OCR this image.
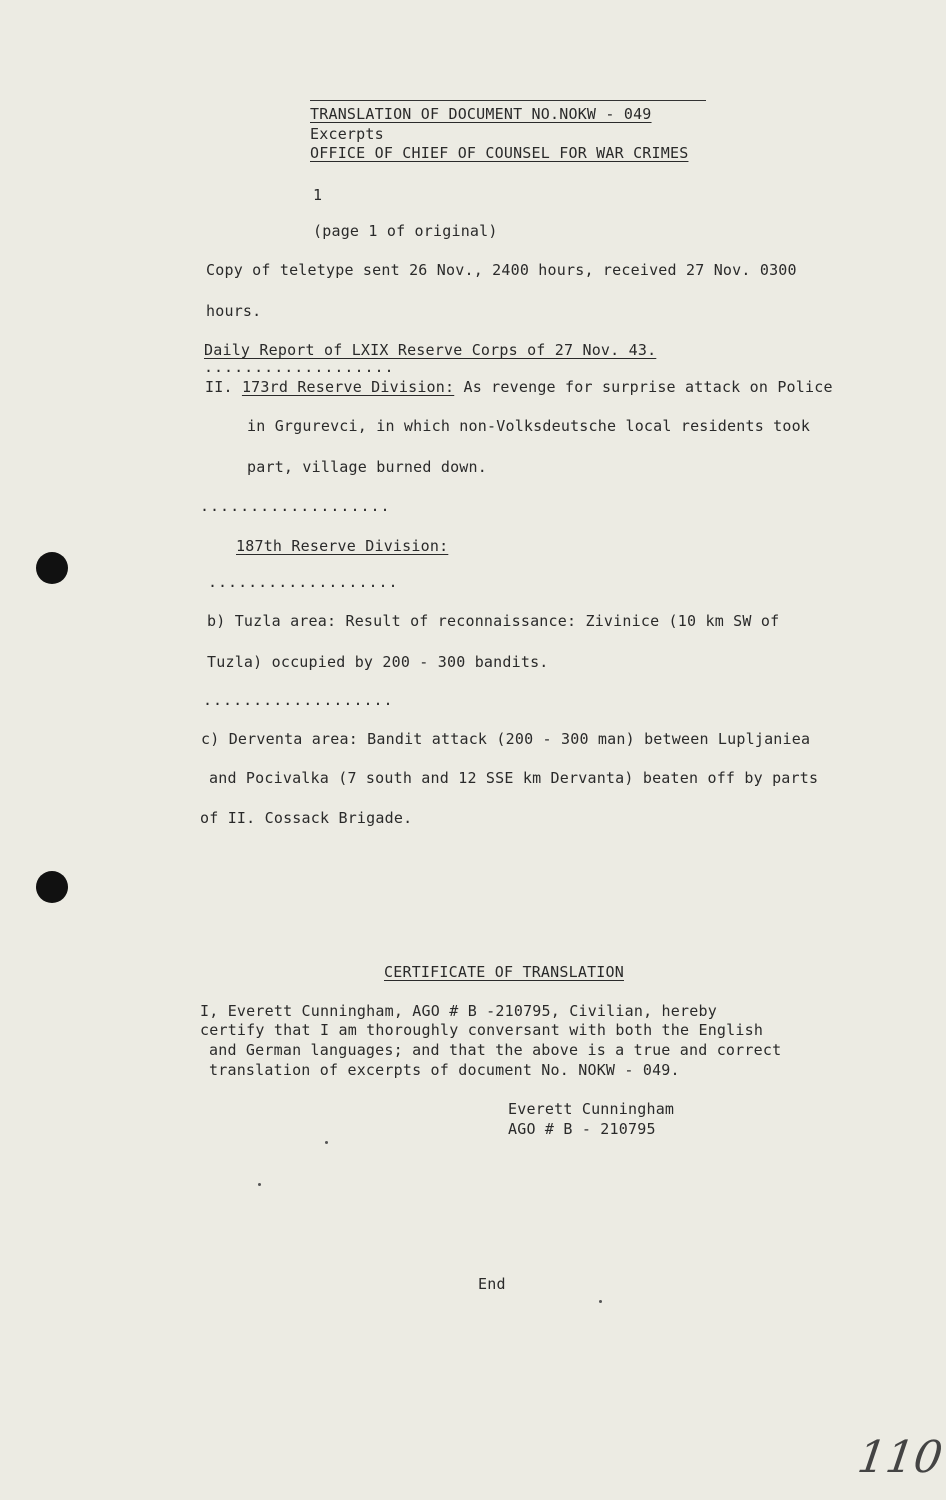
TRANSLATION OF DOCUMENT NO.NOKW - 049
Excerpts
OFFICE OF CHIEF OF COUNSEL FOR WAR CRIMES
1
(page 1 of original)
Copy of teletype sent 26 Nov., 2400 hours, received 27 Nov. 0300
hours.
Daily Report of LXIX Reserve Corps of 27 Nov. 43.
...................
II. 173rd Reserve Division: As revenge for surprise attack on Police
in Grgurevci, in which non-Volksdeutsche local residents took
part, village burned down.
...................
187th Reserve Division:
...................
b) Tuzla area: Result of reconnaissance: Zivinice (10 km SW of
Tuzla) occupied by 200 - 300 bandits.
...................
c) Derventa area: Bandit attack (200 - 300 man) between Lupljaniea
and Pocivalka (7 south and 12 SSE km Dervanta) beaten off by parts
of II. Cossack Brigade.
CERTIFICATE OF TRANSLATION
I, Everett Cunningham, AGO # B -210795, Civilian, hereby
certify that I am thoroughly conversant with both the English
and German languages; and that the above is a true and correct
translation of excerpts of document No. NOKW - 049.
Everett Cunningham
AGO # B - 210795
End
110
